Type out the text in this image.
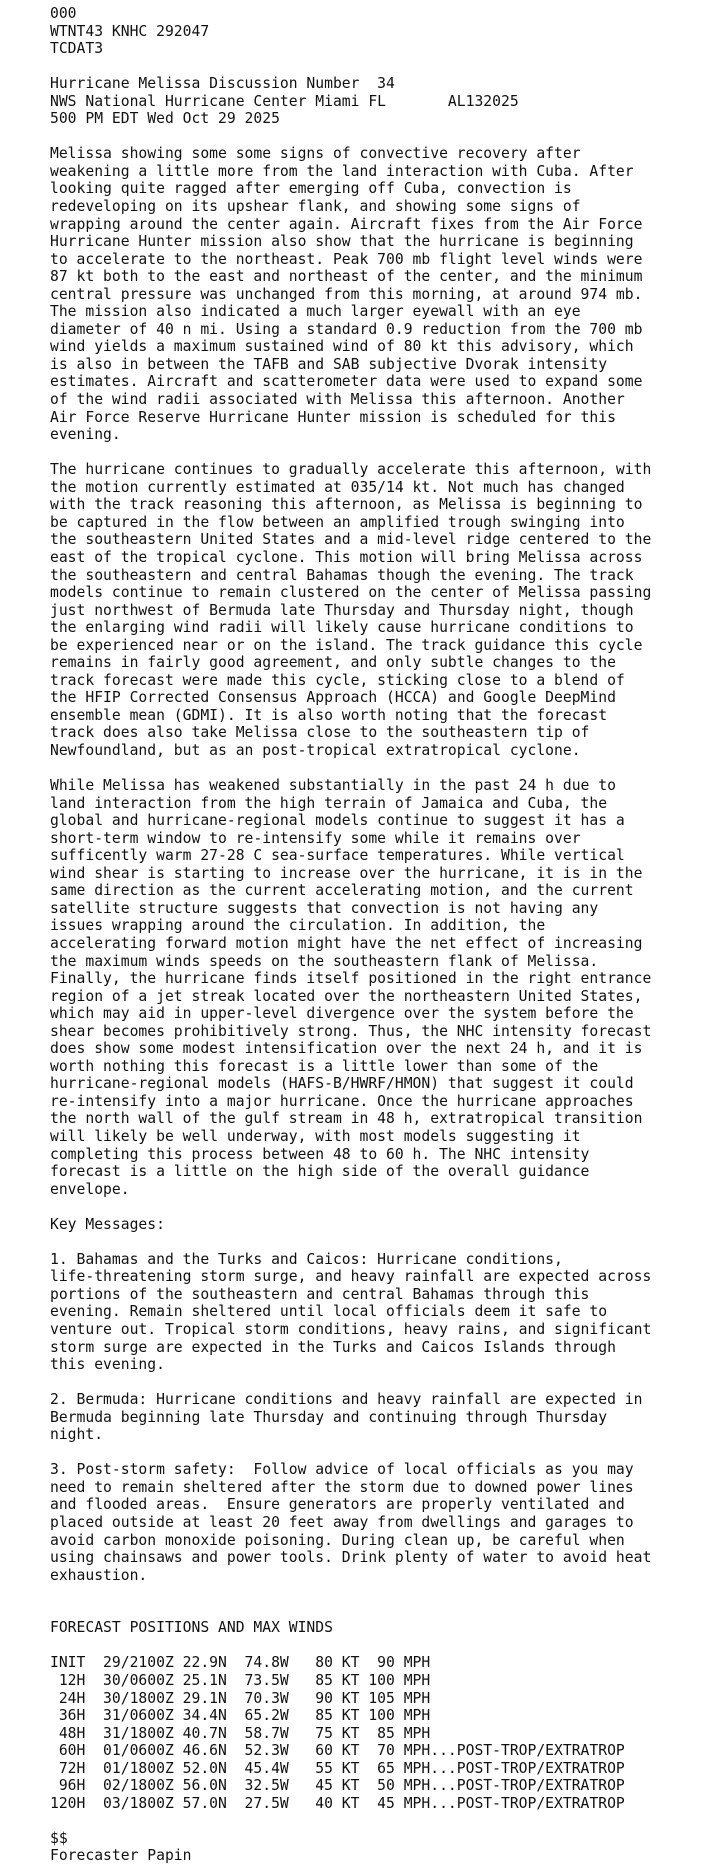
000
WTNT43 KNHC 292047
TCDAT3

Hurricane Melissa Discussion Number  34
NWS National Hurricane Center Miami FL       AL132025
500 PM EDT Wed Oct 29 2025

Melissa showing some some signs of convective recovery after
weakening a little more from the land interaction with Cuba. After
looking quite ragged after emerging off Cuba, convection is
redeveloping on its upshear flank, and showing some signs of
wrapping around the center again. Aircraft fixes from the Air Force
Hurricane Hunter mission also show that the hurricane is beginning
to accelerate to the northeast. Peak 700 mb flight level winds were
87 kt both to the east and northeast of the center, and the minimum
central pressure was unchanged from this morning, at around 974 mb.
The mission also indicated a much larger eyewall with an eye
diameter of 40 n mi. Using a standard 0.9 reduction from the 700 mb
wind yields a maximum sustained wind of 80 kt this advisory, which
is also in between the TAFB and SAB subjective Dvorak intensity
estimates. Aircraft and scatterometer data were used to expand some
of the wind radii associated with Melissa this afternoon. Another
Air Force Reserve Hurricane Hunter mission is scheduled for this
evening.

The hurricane continues to gradually accelerate this afternoon, with
the motion currently estimated at 035/14 kt. Not much has changed
with the track reasoning this afternoon, as Melissa is beginning to
be captured in the flow between an amplified trough swinging into
the southeastern United States and a mid-level ridge centered to the
east of the tropical cyclone. This motion will bring Melissa across
the southeastern and central Bahamas though the evening. The track
models continue to remain clustered on the center of Melissa passing
just northwest of Bermuda late Thursday and Thursday night, though
the enlarging wind radii will likely cause hurricane conditions to
be experienced near or on the island. The track guidance this cycle
remains in fairly good agreement, and only subtle changes to the
track forecast were made this cycle, sticking close to a blend of
the HFIP Corrected Consensus Approach (HCCA) and Google DeepMind
ensemble mean (GDMI). It is also worth noting that the forecast
track does also take Melissa close to the southeastern tip of
Newfoundland, but as an post-tropical extratropical cyclone.

While Melissa has weakened substantially in the past 24 h due to
land interaction from the high terrain of Jamaica and Cuba, the
global and hurricane-regional models continue to suggest it has a
short-term window to re-intensify some while it remains over
sufficently warm 27-28 C sea-surface temperatures. While vertical
wind shear is starting to increase over the hurricane, it is in the
same direction as the current accelerating motion, and the current
satellite structure suggests that convection is not having any
issues wrapping around the circulation. In addition, the
accelerating forward motion might have the net effect of increasing
the maximum winds speeds on the southeastern flank of Melissa.
Finally, the hurricane finds itself positioned in the right entrance
region of a jet streak located over the northeastern United States,
which may aid in upper-level divergence over the system before the
shear becomes prohibitively strong. Thus, the NHC intensity forecast
does show some modest intensification over the next 24 h, and it is
worth nothing this forecast is a little lower than some of the
hurricane-regional models (HAFS-B/HWRF/HMON) that suggest it could
re-intensify into a major hurricane. Once the hurricane approaches
the north wall of the gulf stream in 48 h, extratropical transition
will likely be well underway, with most models suggesting it
completing this process between 48 to 60 h. The NHC intensity
forecast is a little on the high side of the overall guidance
envelope.

Key Messages:

1. Bahamas and the Turks and Caicos: Hurricane conditions,
life-threatening storm surge, and heavy rainfall are expected across
portions of the southeastern and central Bahamas through this
evening. Remain sheltered until local officials deem it safe to
venture out. Tropical storm conditions, heavy rains, and significant
storm surge are expected in the Turks and Caicos Islands through
this evening.

2. Bermuda: Hurricane conditions and heavy rainfall are expected in
Bermuda beginning late Thursday and continuing through Thursday
night.

3. Post-storm safety:  Follow advice of local officials as you may
need to remain sheltered after the storm due to downed power lines
and flooded areas.  Ensure generators are properly ventilated and
placed outside at least 20 feet away from dwellings and garages to
avoid carbon monoxide poisoning. During clean up, be careful when
using chainsaws and power tools. Drink plenty of water to avoid heat
exhaustion.

FORECAST POSITIONS AND MAX WINDS

INIT  29/2100Z 22.9N  74.8W   80 KT  90 MPH
12H  30/0600Z 25.1N  73.5W   85 KT 100 MPH
24H  30/1800Z 29.1N  70.3W   90 KT 105 MPH
36H  31/0600Z 34.4N  65.2W   85 KT 100 MPH
48H  31/1800Z 40.7N  58.7W   75 KT  85 MPH
60H  01/0600Z 46.6N  52.3W   60 KT  70 MPH...POST-TROP/EXTRATROP
72H  01/1800Z 52.0N  45.4W   55 KT  65 MPH...POST-TROP/EXTRATROP
96H  02/1800Z 56.0N  32.5W   45 KT  50 MPH...POST-TROP/EXTRATROP
120H  03/1800Z 57.0N  27.5W   40 KT  45 MPH...POST-TROP/EXTRATROP

$$
Forecaster Papin
